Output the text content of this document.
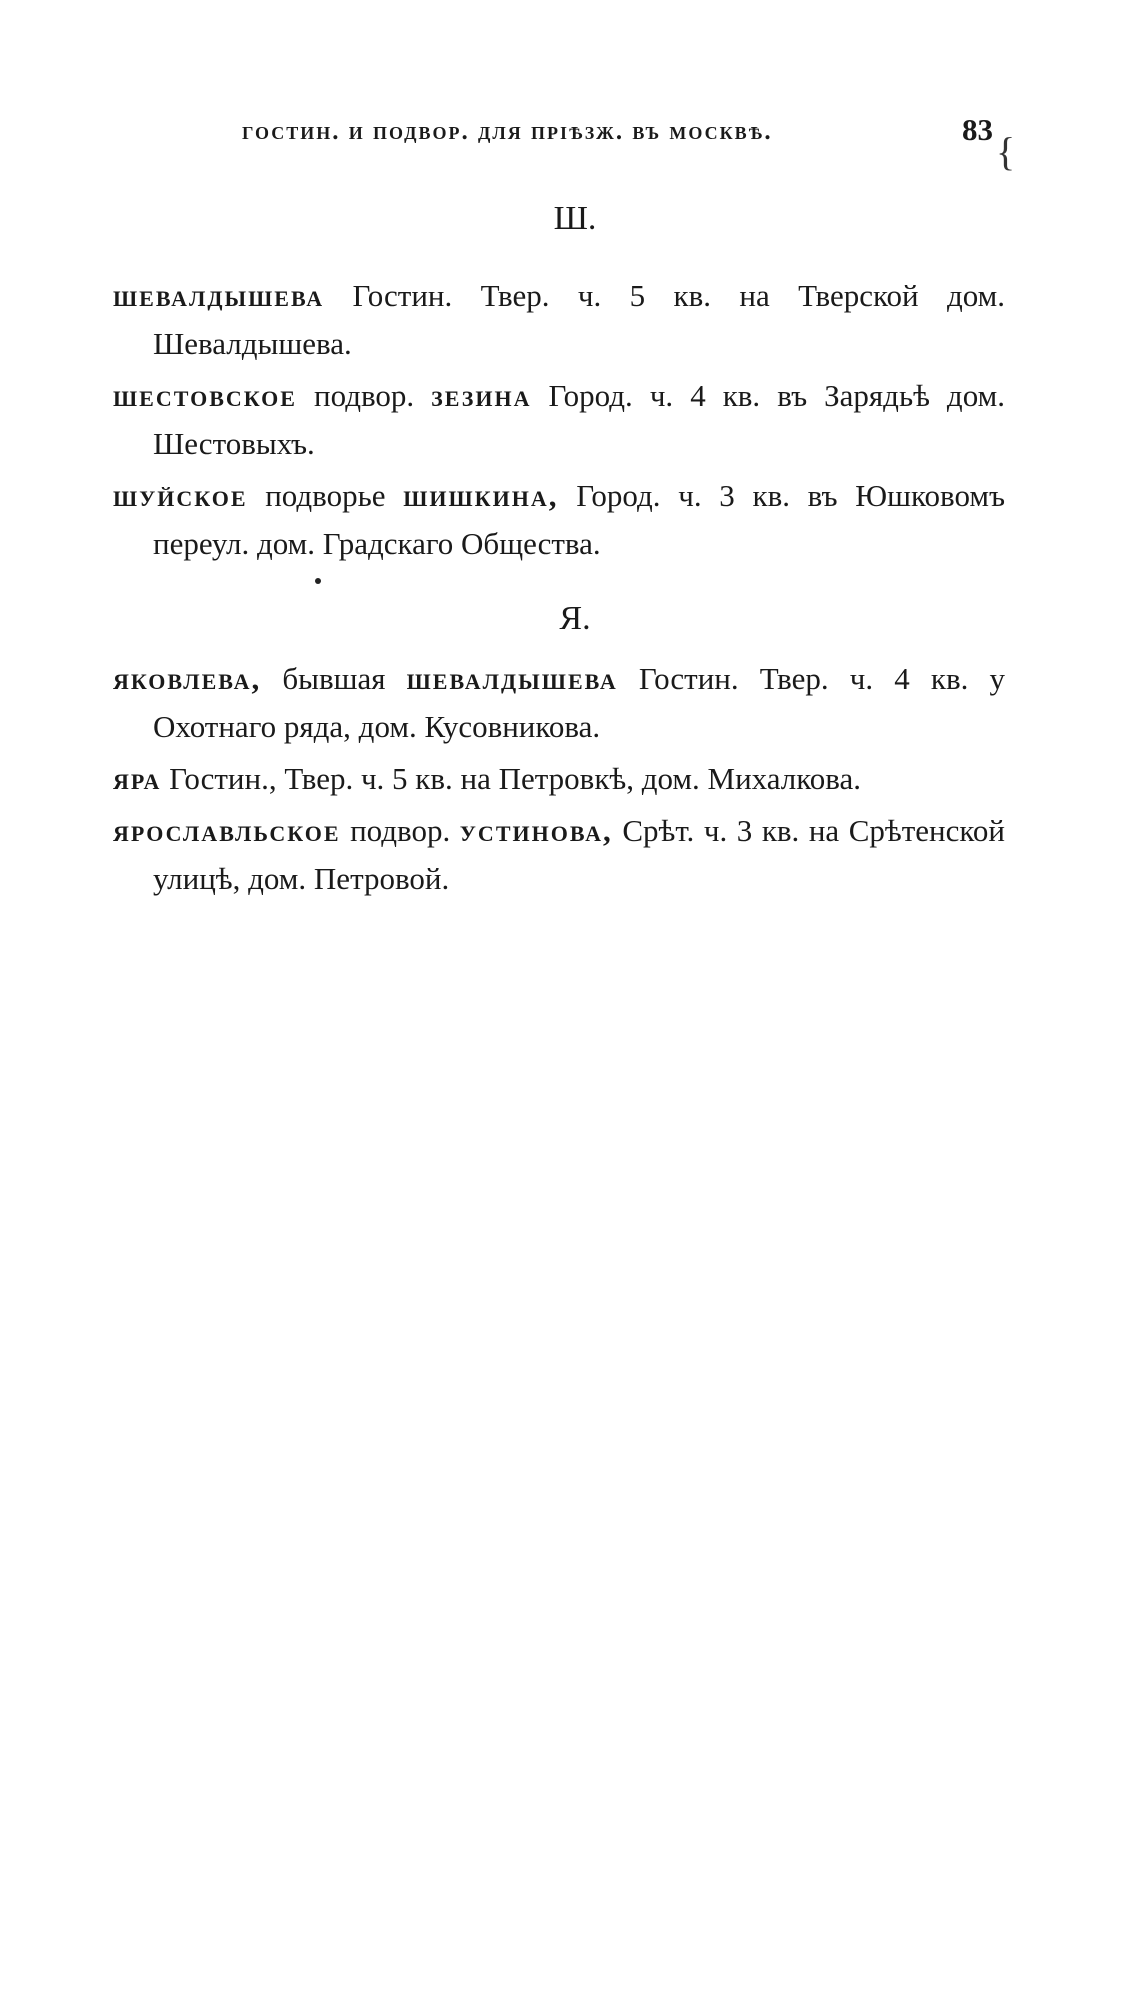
гостин. и подвор. для прiѣзж. въ москвѣ.	83 {
Ш.
шевалдышева Гостин. Твер. ч. 5 кв. на Тверской дом. Шевалдышева.
шестовское подвор. зезина Город. ч. 4 кв. въ Зарядьѣ дом. Шестовыхъ.
шуйское подворье шишкина, Город. ч. 3 кв. въ Юшковомъ переул. дом. Градскаго Общества.
Я.
яковлева, бывшая шевалдышева Гостин. Твер. ч. 4 кв. у Охотнаго ряда, дом. Кусовникова.
яра Гостин., Твер. ч. 5 кв. на Петровкѣ, дом. Михалкова.
ярославльское подвор. устинова, Срѣт. ч. 3 кв. на Срѣтенской улицѣ, дом. Петровой.
